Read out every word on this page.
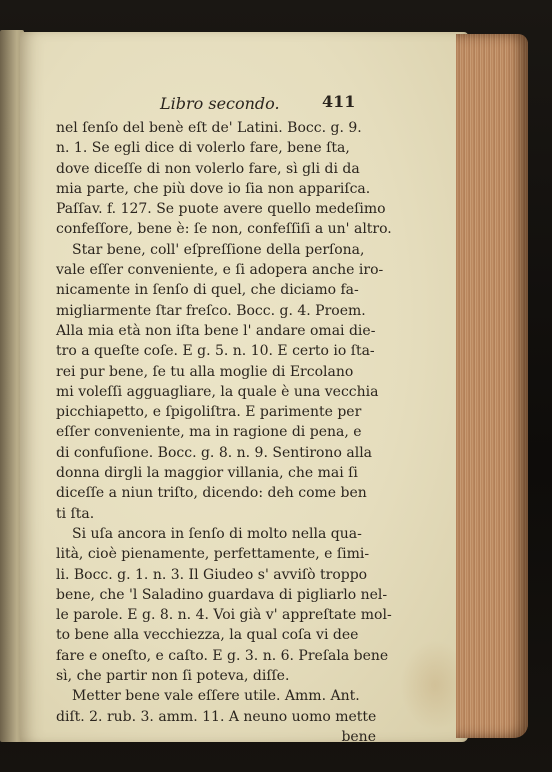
Libro secondo.	411
nel ſenſo del benè eſt de' Latini. Bocc. g. 9.
n. 1. Se egli dice di volerlo fare, bene ſta,
dove diceſſe di non volerlo fare, sì gli di da
mia parte, che più dove io ſia non appariſca.
Paſſav. f. 127. Se puote avere quello medeſimo
confeſſore, bene è: ſe non, confeſſiſi a un' altro.
Star bene, coll' eſpreſſione della perſona,
vale eſſer conveniente, e ſi adopera anche iro-
nicamente in ſenſo di quel, che diciamo fa-
migliarmente ſtar freſco. Bocc. g. 4. Proem.
Alla mia età non iſta bene l' andare omai die-
tro a queſte coſe. E g. 5. n. 10. E certo io ſta-
rei pur bene, ſe tu alla moglie di Ercolano
mi voleſſi agguagliare, la quale è una vecchia
picchiapetto, e ſpigoliſtra. E parimente per
eſſer conveniente, ma in ragione di pena, e
di confuſione. Bocc. g. 8. n. 9. Sentirono alla
donna dirgli la maggior villania, che mai ſi
diceſſe a niun triſto, dicendo: deh come ben
ti ſta.
Si uſa ancora in ſenſo di molto nella qua-
lità, cioè pienamente, perfettamente, e ſimi-
li. Bocc. g. 1. n. 3. Il Giudeo s' avviſò troppo
bene, che 'l Saladino guardava di pigliarlo nel-
le parole. E g. 8. n. 4. Voi già v' appreſtate mol-
to bene alla vecchiezza, la qual coſa vi dee
fare e oneſto, e caſto. E g. 3. n. 6. Preſala bene
sì, che partir non ſi poteva, diſſe.
Metter bene vale eſſere utile. Amm. Ant.
diſt. 2. rub. 3. amm. 11. A neuno uomo mette
bene
